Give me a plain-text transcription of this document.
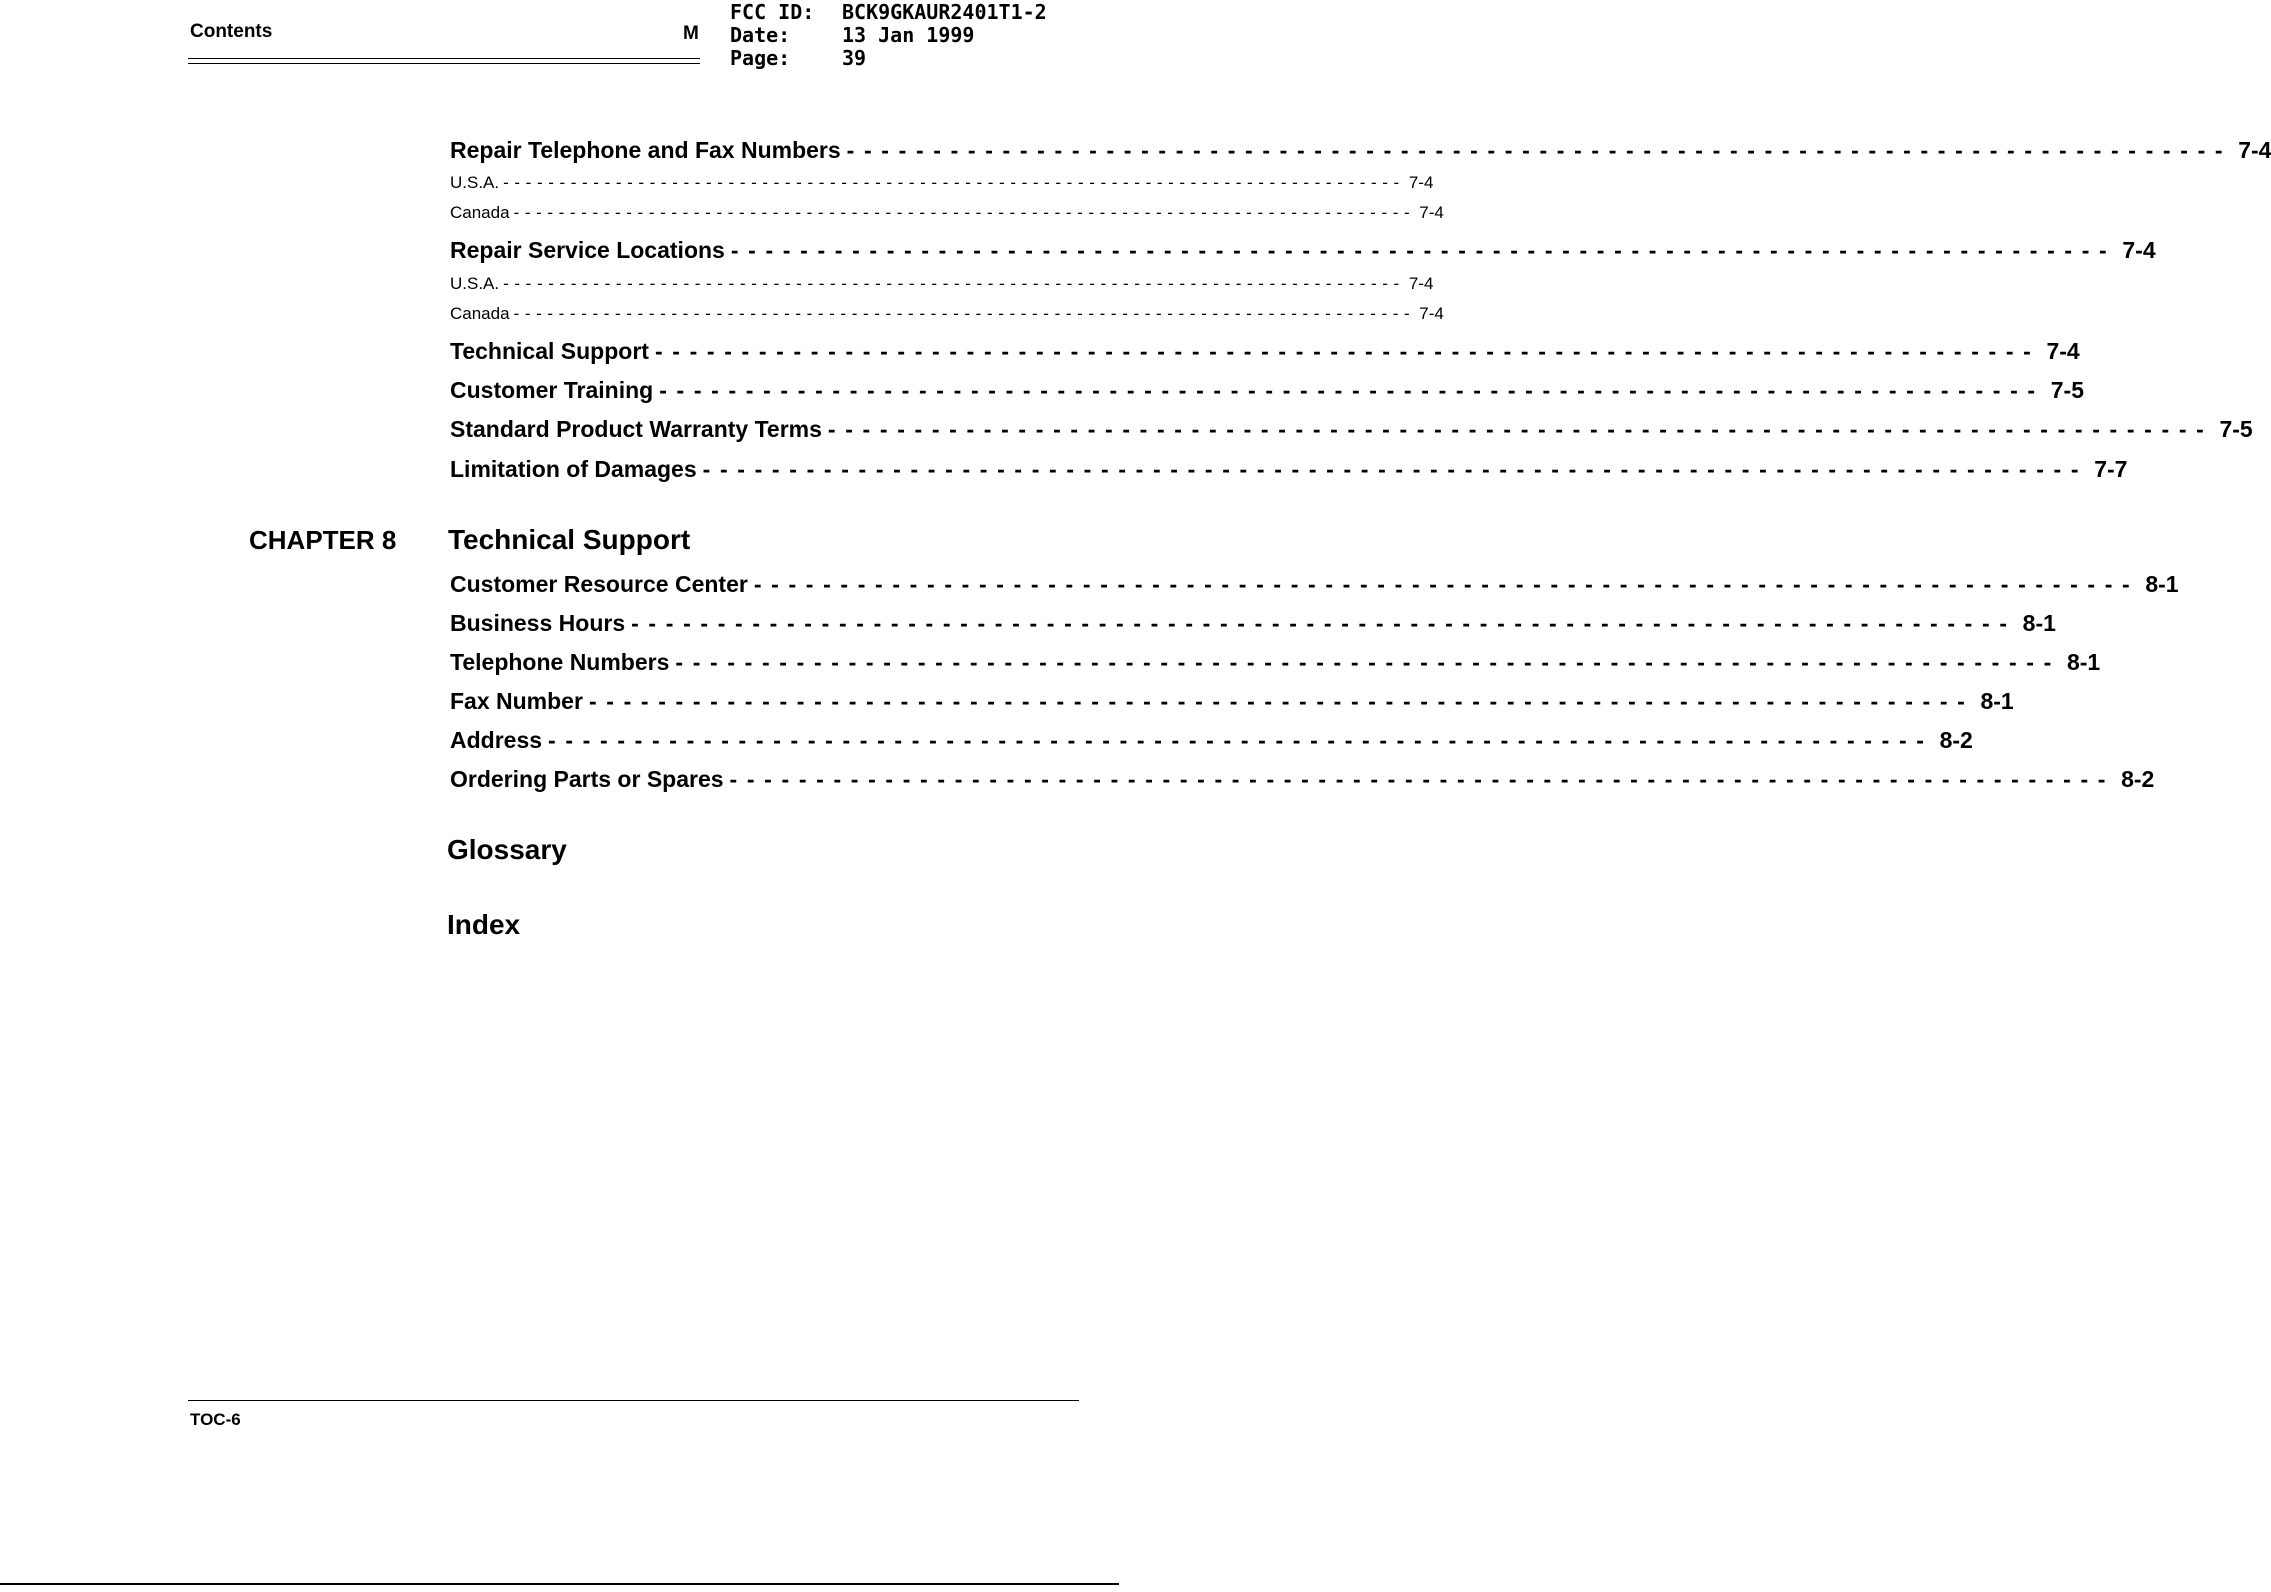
Contents	M
FCC ID: BCK9GKAUR2401T1-2
Date:	13 Jan 1999
Page:	39
Repair Telephone and Fax Numbers -------------------------------------------------------------------------------- 7-4
U.S.A. -------------------------------------------------------------------------------- 7-4
Canada -------------------------------------------------------------------------------- 7-4
Repair Service Locations -------------------------------------------------------------------------------- 7-4
U.S.A. -------------------------------------------------------------------------------- 7-4
Canada -------------------------------------------------------------------------------- 7-4
Technical Support -------------------------------------------------------------------------------- 7-4
Customer Training -------------------------------------------------------------------------------- 7-5
Standard Product Warranty Terms -------------------------------------------------------------------------------- 7-5
Limitation of Damages -------------------------------------------------------------------------------- 7-7
CHAPTER 8 Technical Support
Customer Resource Center -------------------------------------------------------------------------------- 8-1
Business Hours -------------------------------------------------------------------------------- 8-1
Telephone Numbers -------------------------------------------------------------------------------- 8-1
Fax Number -------------------------------------------------------------------------------- 8-1
Address -------------------------------------------------------------------------------- 8-2
Ordering Parts or Spares -------------------------------------------------------------------------------- 8-2
Glossary
Index
TOC-6
